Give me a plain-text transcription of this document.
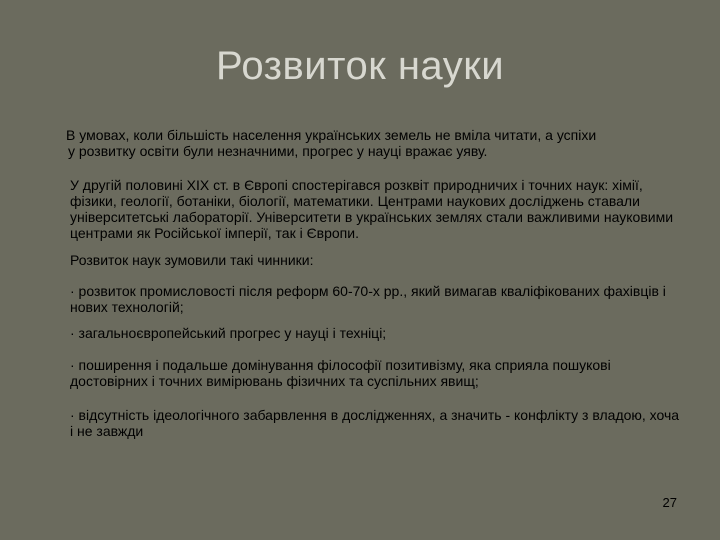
Розвиток науки

В умовах, коли більшість населення українських земель не вміла читати, а успіхи
у розвитку освіти були незначними, прогрес у науці вражає уяву.

У другій половині ХІХ ст. в Європі спостерігався розквіт природничих і точних наук: хімії, фізики, геології, ботаніки, біології, математики. Центрами наукових досліджень ставали університетські лабораторії. Університети в українських землях стали важливими науковими центрами як Російської імперії, так і Європи.

Розвиток наук зумовили такі чинники:

· розвиток промисловості після реформ 60-70-х рр., який вимагав кваліфікованих фахівців і нових технологій;

· загальноєвропейський прогрес у науці і техніці;

· поширення і подальше домінування філософії позитивізму, яка сприяла пошукові достовірних і точних вимірювань фізичних та суспільних явищ;

· відсутність ідеологічного забарвлення в дослідженнях, а значить - конфлікту з владою, хоча і не завжди

27
